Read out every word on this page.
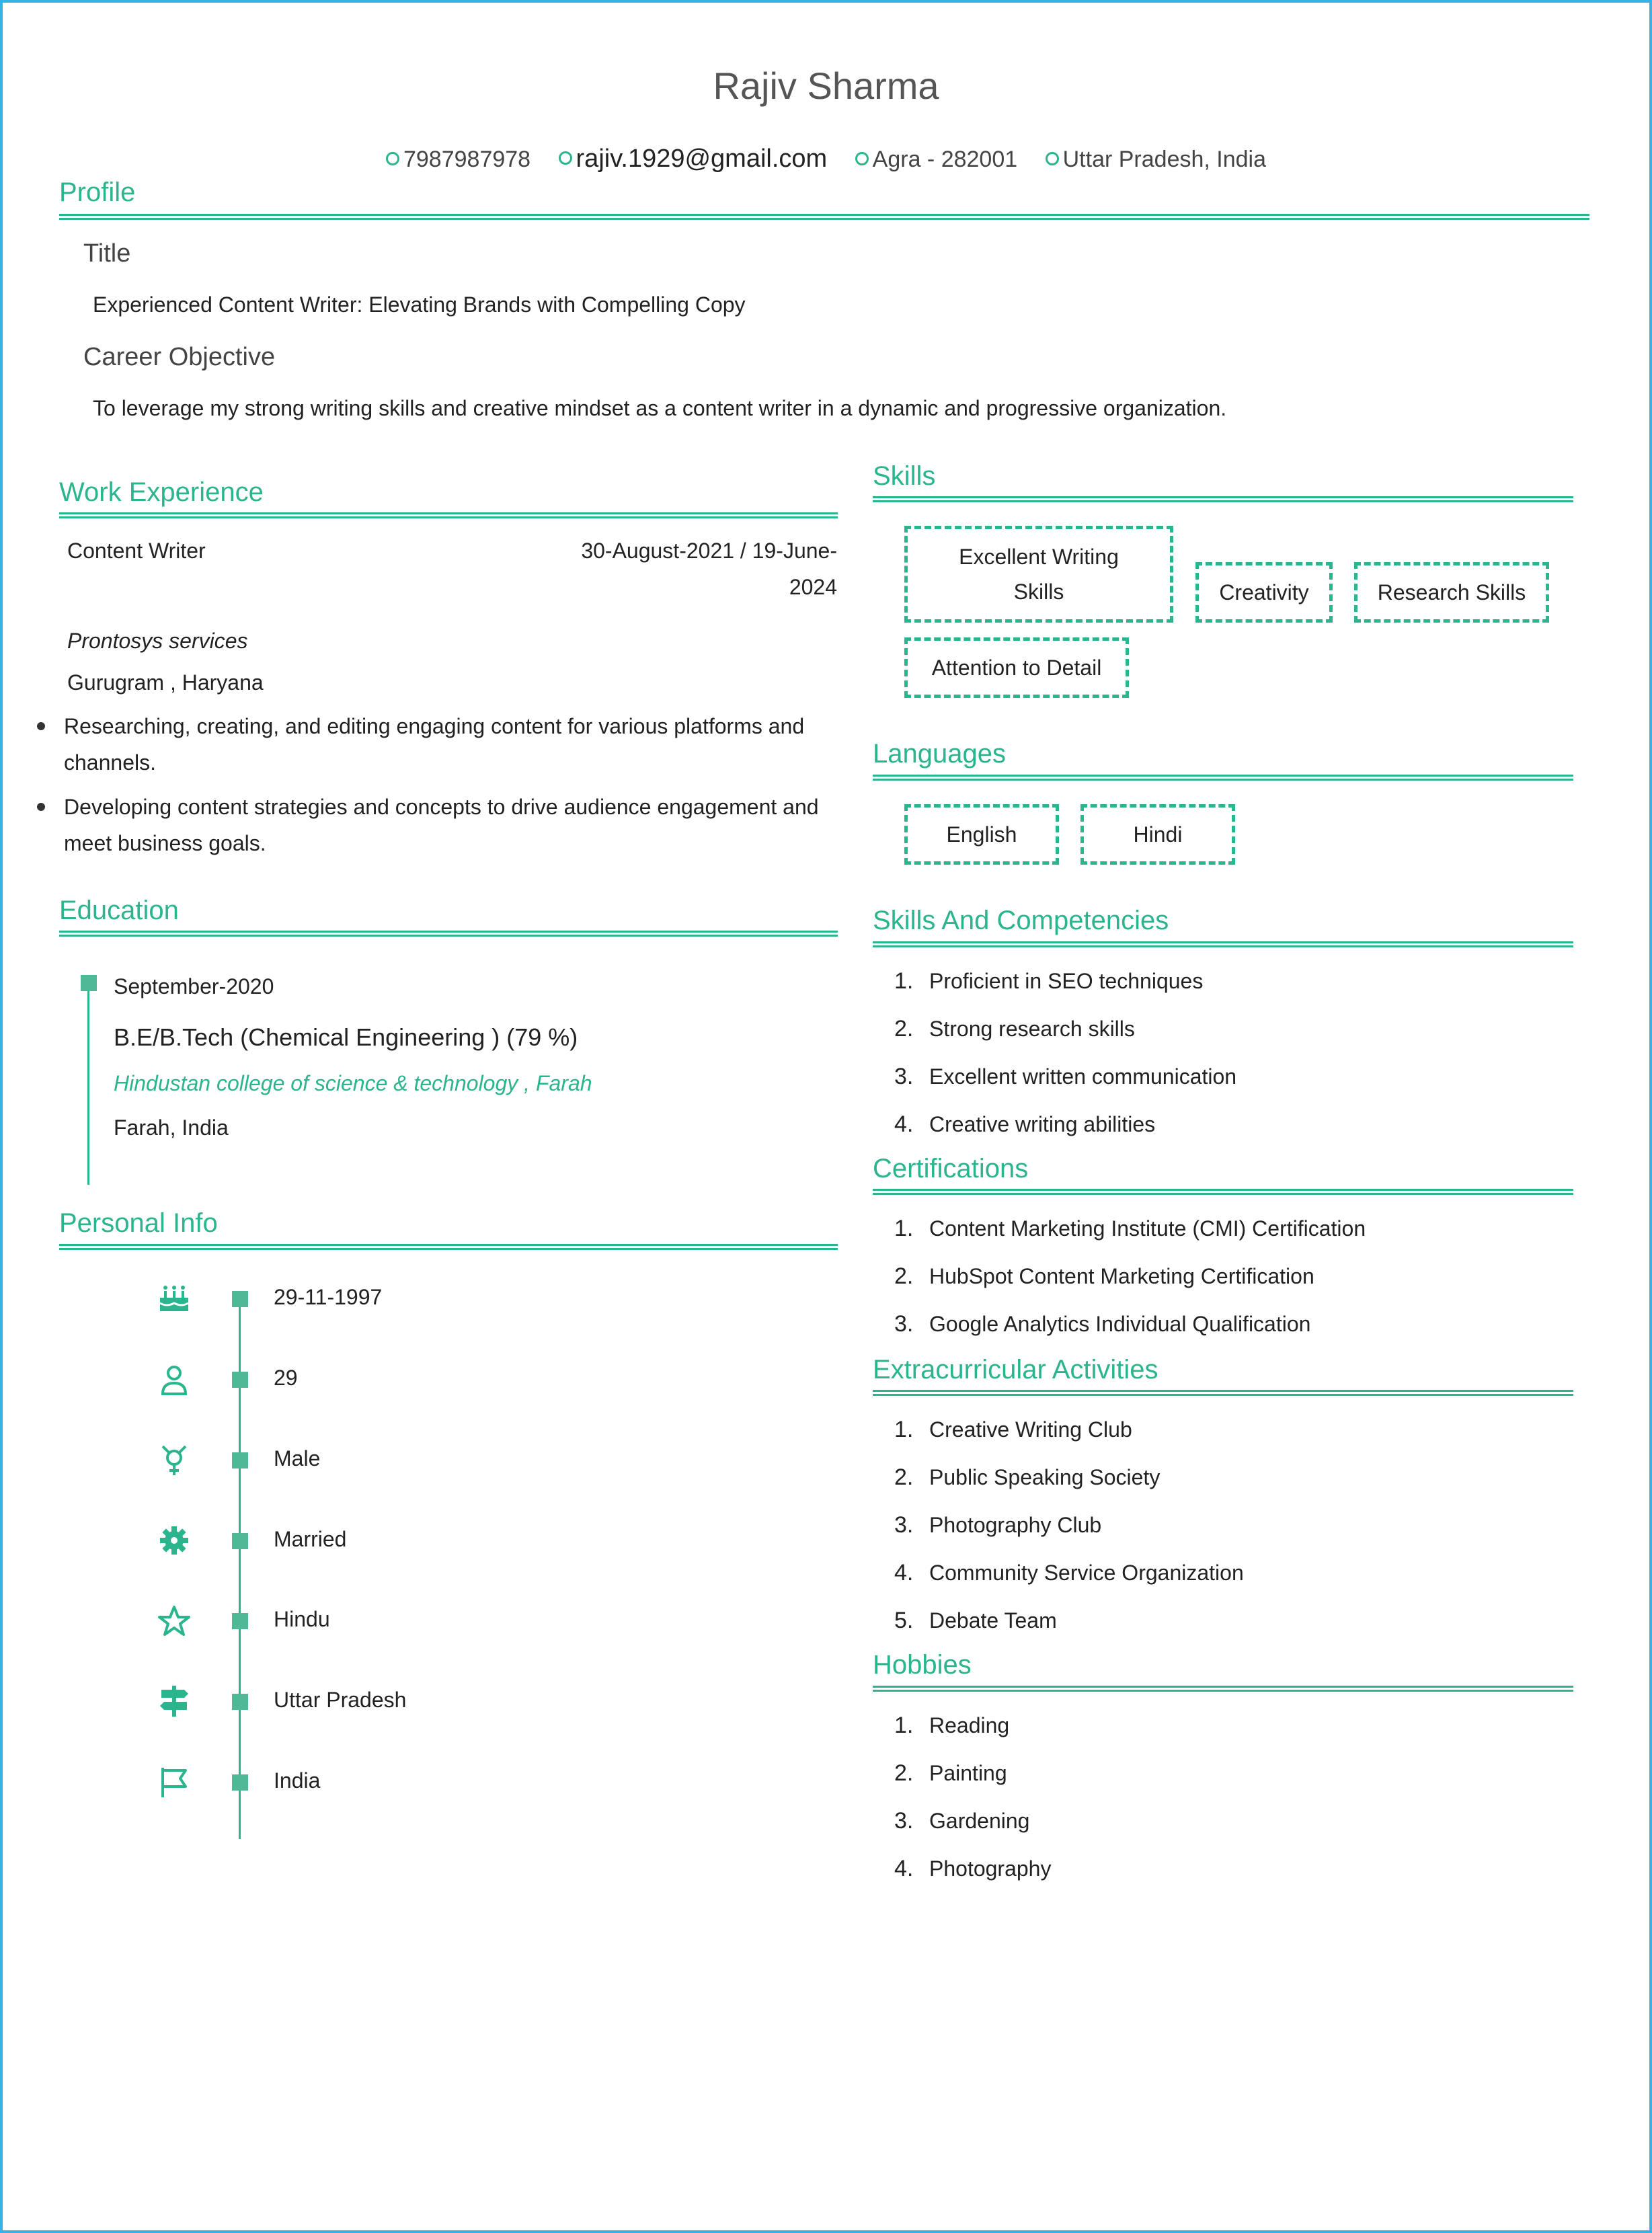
Rajiv Sharma
7987987978 rajiv.1929@gmail.com Agra - 282001 Uttar Pradesh, India
Profile
Title
Experienced Content Writer: Elevating Brands with Compelling Copy
Career Objective
To leverage my strong writing skills and creative mindset as a content writer in a dynamic and progressive organization.
Work Experience
Content Writer	30-August-2021 / 19-June-2024
Prontosys services
Gurugram , Haryana
Researching, creating, and editing engaging content for various platforms and channels.
Developing content strategies and concepts to drive audience engagement and meet business goals.
Education
September-2020
B.E/B.Tech (Chemical Engineering ) (79 %)
Hindustan college of science & technology , Farah
Farah, India
Personal Info
29-11-1997
29
Male
Married
Hindu
Uttar Pradesh
India
Skills
Excellent Writing Skills	Creativity	Research Skills
Attention to Detail
Languages
English	Hindi
Skills And Competencies
1. Proficient in SEO techniques
2. Strong research skills
3. Excellent written communication
4. Creative writing abilities
Certifications
1. Content Marketing Institute (CMI) Certification
2. HubSpot Content Marketing Certification
3. Google Analytics Individual Qualification
Extracurricular Activities
1. Creative Writing Club
2. Public Speaking Society
3. Photography Club
4. Community Service Organization
5. Debate Team
Hobbies
1. Reading
2. Painting
3. Gardening
4. Photography
